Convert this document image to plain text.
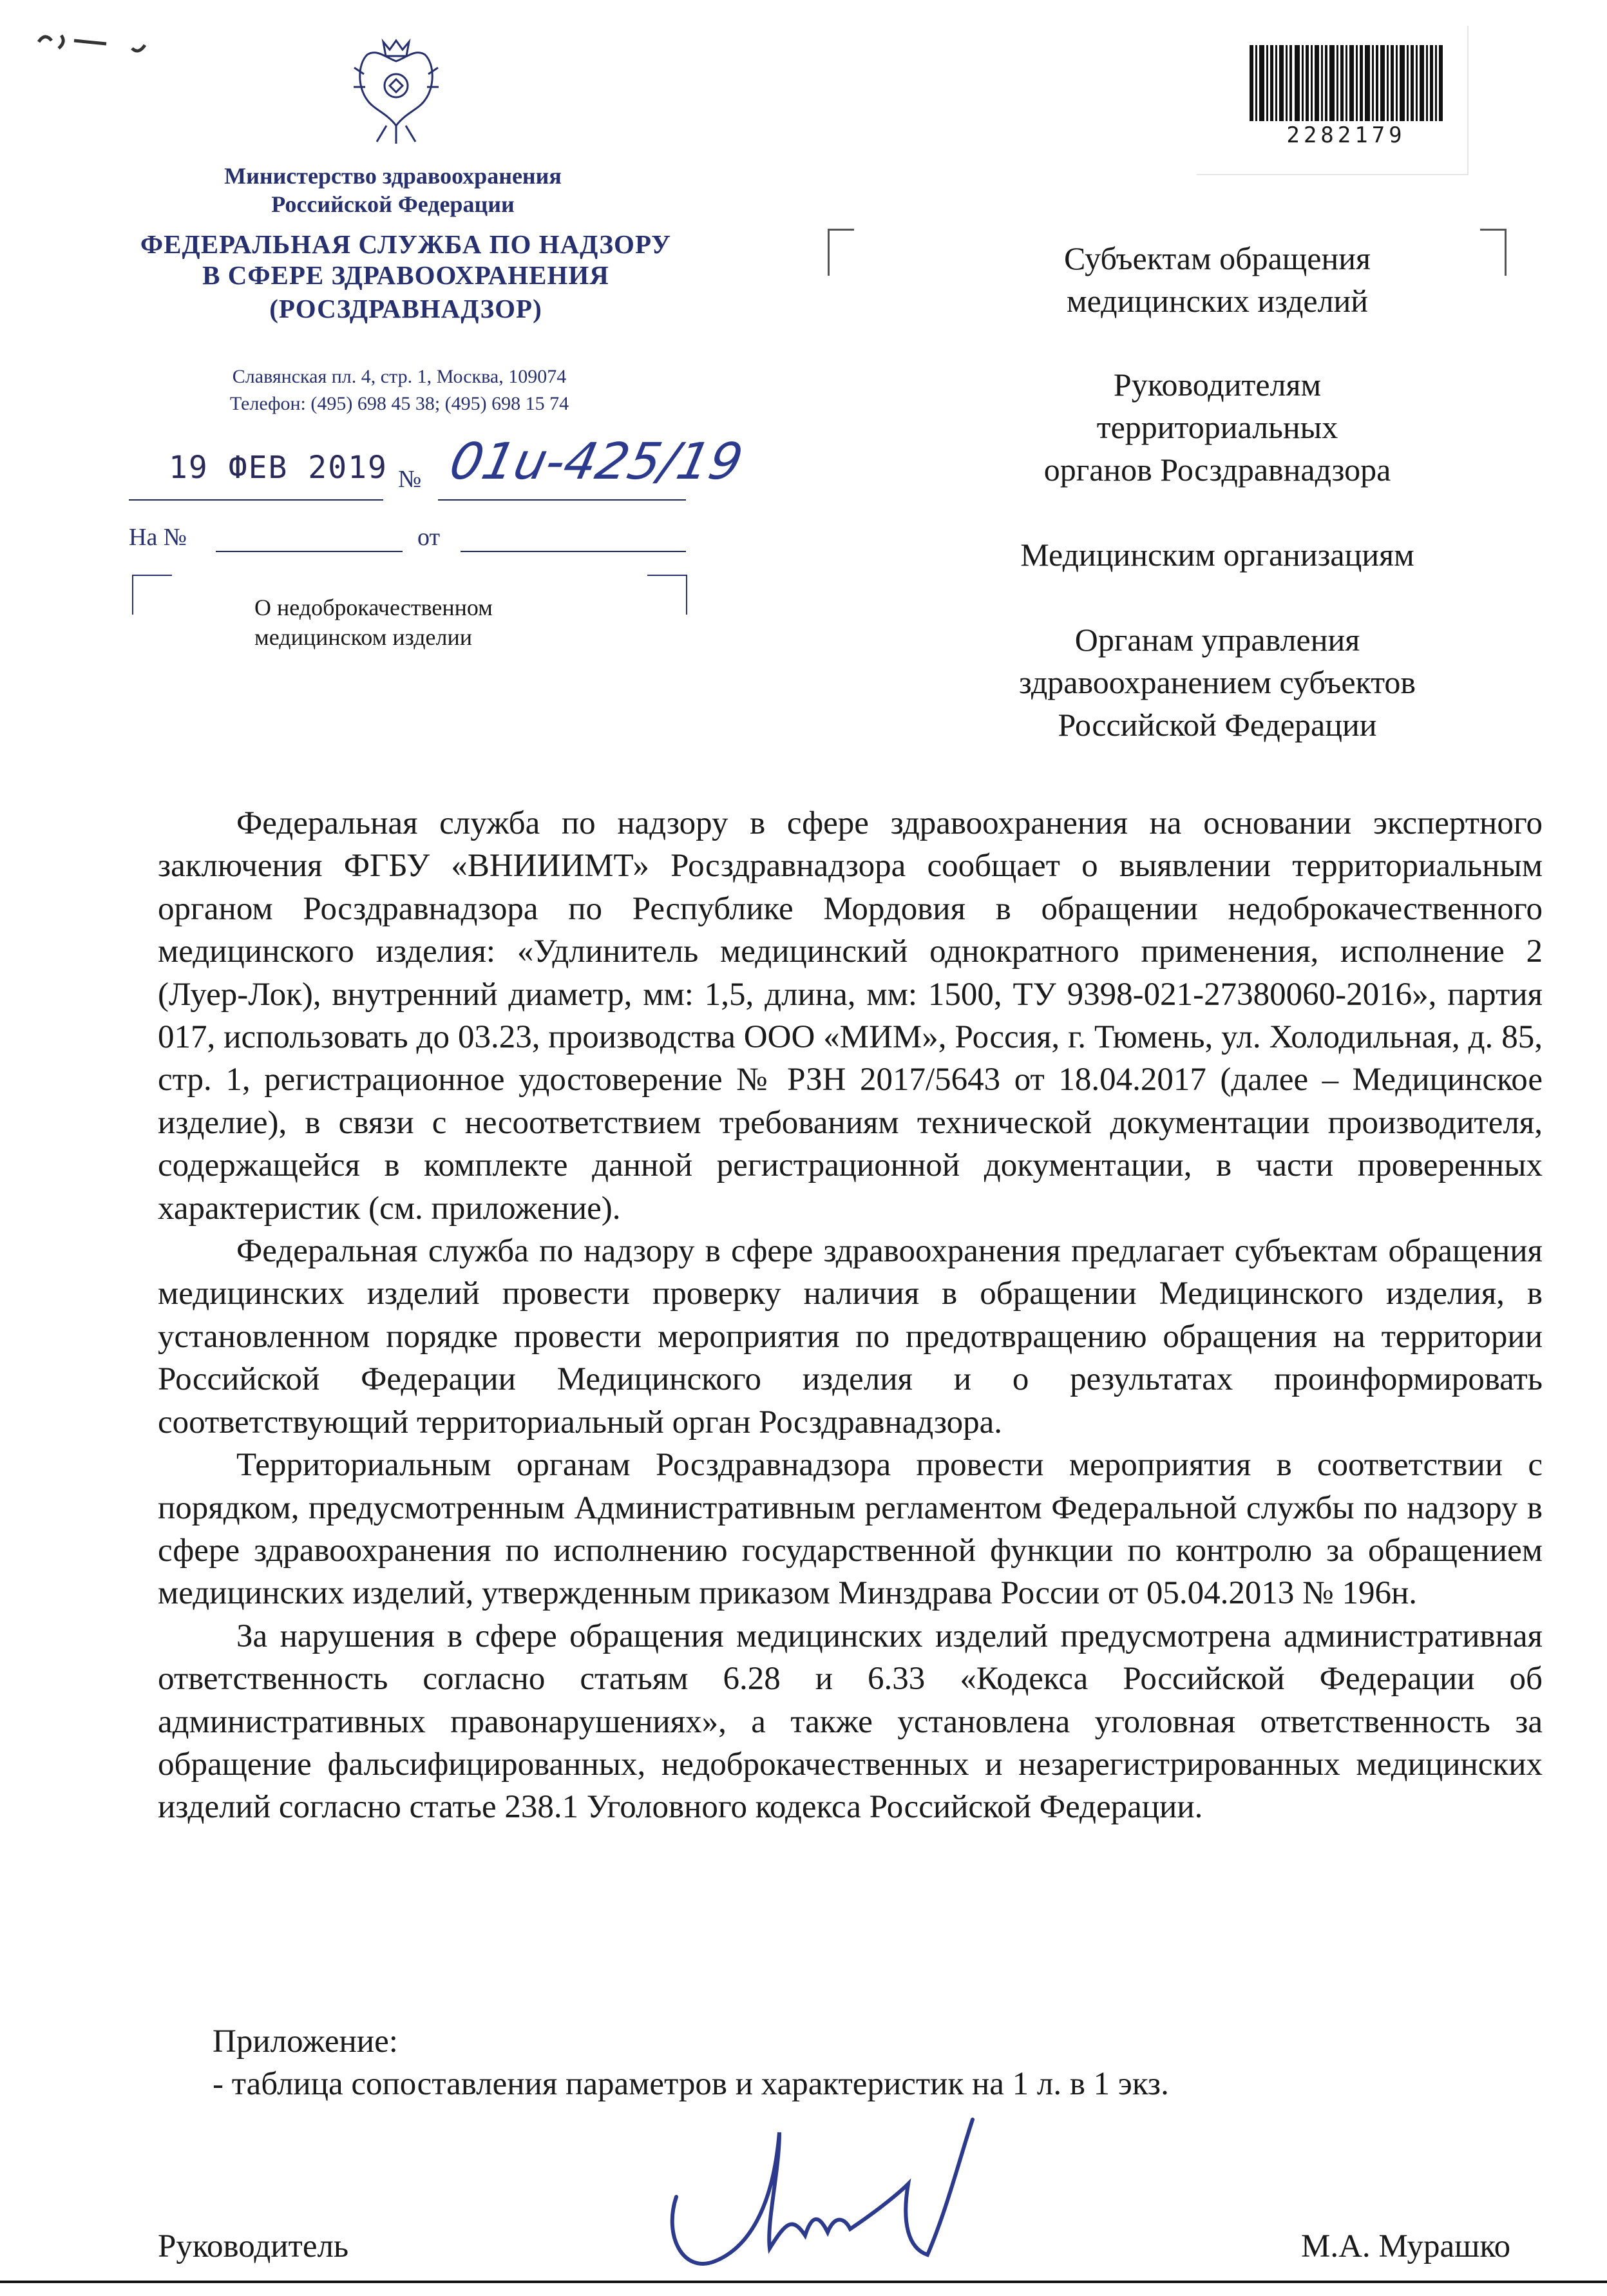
Министерство здравоохранения
Российской Федерации
ФЕДЕРАЛЬНАЯ СЛУЖБА ПО НАДЗОРУ
В СФЕРЕ ЗДРАВООХРАНЕНИЯ
(РОСЗДРАВНАДЗОР)
Славянская пл. 4, стр. 1, Москва, 109074
Телефон: (495) 698 45 38; (495) 698 15 74
19 ФЕВ 2019 № 01u-425/19
На №	от
О недоброкачественном
медицинском изделии
2282179
Субъектам обращения
медицинских изделий
Руководителям
территориальных
органов Росздравнадзора
Медицинским организациям
Органам управления
здравоохранением субъектов
Российской Федерации

Федеральная служба по надзору в сфере здравоохранения на основании экспертного заключения ФГБУ «ВНИИИМТ» Росздравнадзора сообщает о выявлении территориальным органом Росздравнадзора по Республике Мордовия в обращении недоброкачественного медицинского изделия: «Удлинитель медицинский однократного применения, исполнение 2 (Луер-Лок), внутренний диаметр, мм: 1,5, длина, мм: 1500, ТУ 9398-021-27380060-2016», партия 017, использовать до 03.23, производства ООО «МИМ», Россия, г. Тюмень, ул. Холодильная, д. 85, стр. 1, регистрационное удостоверение № РЗН 2017/5643 от 18.04.2017 (далее – Медицинское изделие), в связи с несоответствием требованиям технической документации производителя, содержащейся в комплекте данной регистрационной документации, в части проверенных характеристик (см. приложение).

Федеральная служба по надзору в сфере здравоохранения предлагает субъектам обращения медицинских изделий провести проверку наличия в обращении Медицинского изделия, в установленном порядке провести мероприятия по предотвращению обращения на территории Российской Федерации Медицинского изделия и о результатах проинформировать соответствующий территориальный орган Росздравнадзора.

Территориальным органам Росздравнадзора провести мероприятия в соответствии с порядком, предусмотренным Административным регламентом Федеральной службы по надзору в сфере здравоохранения по исполнению государственной функции по контролю за обращением медицинских изделий, утвержденным приказом Минздрава России от 05.04.2013 № 196н.

За нарушения в сфере обращения медицинских изделий предусмотрена административная ответственность согласно статьям 6.28 и 6.33 «Кодекса Российской Федерации об административных правонарушениях», а также установлена уголовная ответственность за обращение фальсифицированных, недоброкачественных и незарегистрированных медицинских изделий согласно статье 238.1 Уголовного кодекса Российской Федерации.

Приложение:
- таблица сопоставления параметров и характеристик на 1 л. в 1 экз.
Руководитель	М.А. Мурашко
